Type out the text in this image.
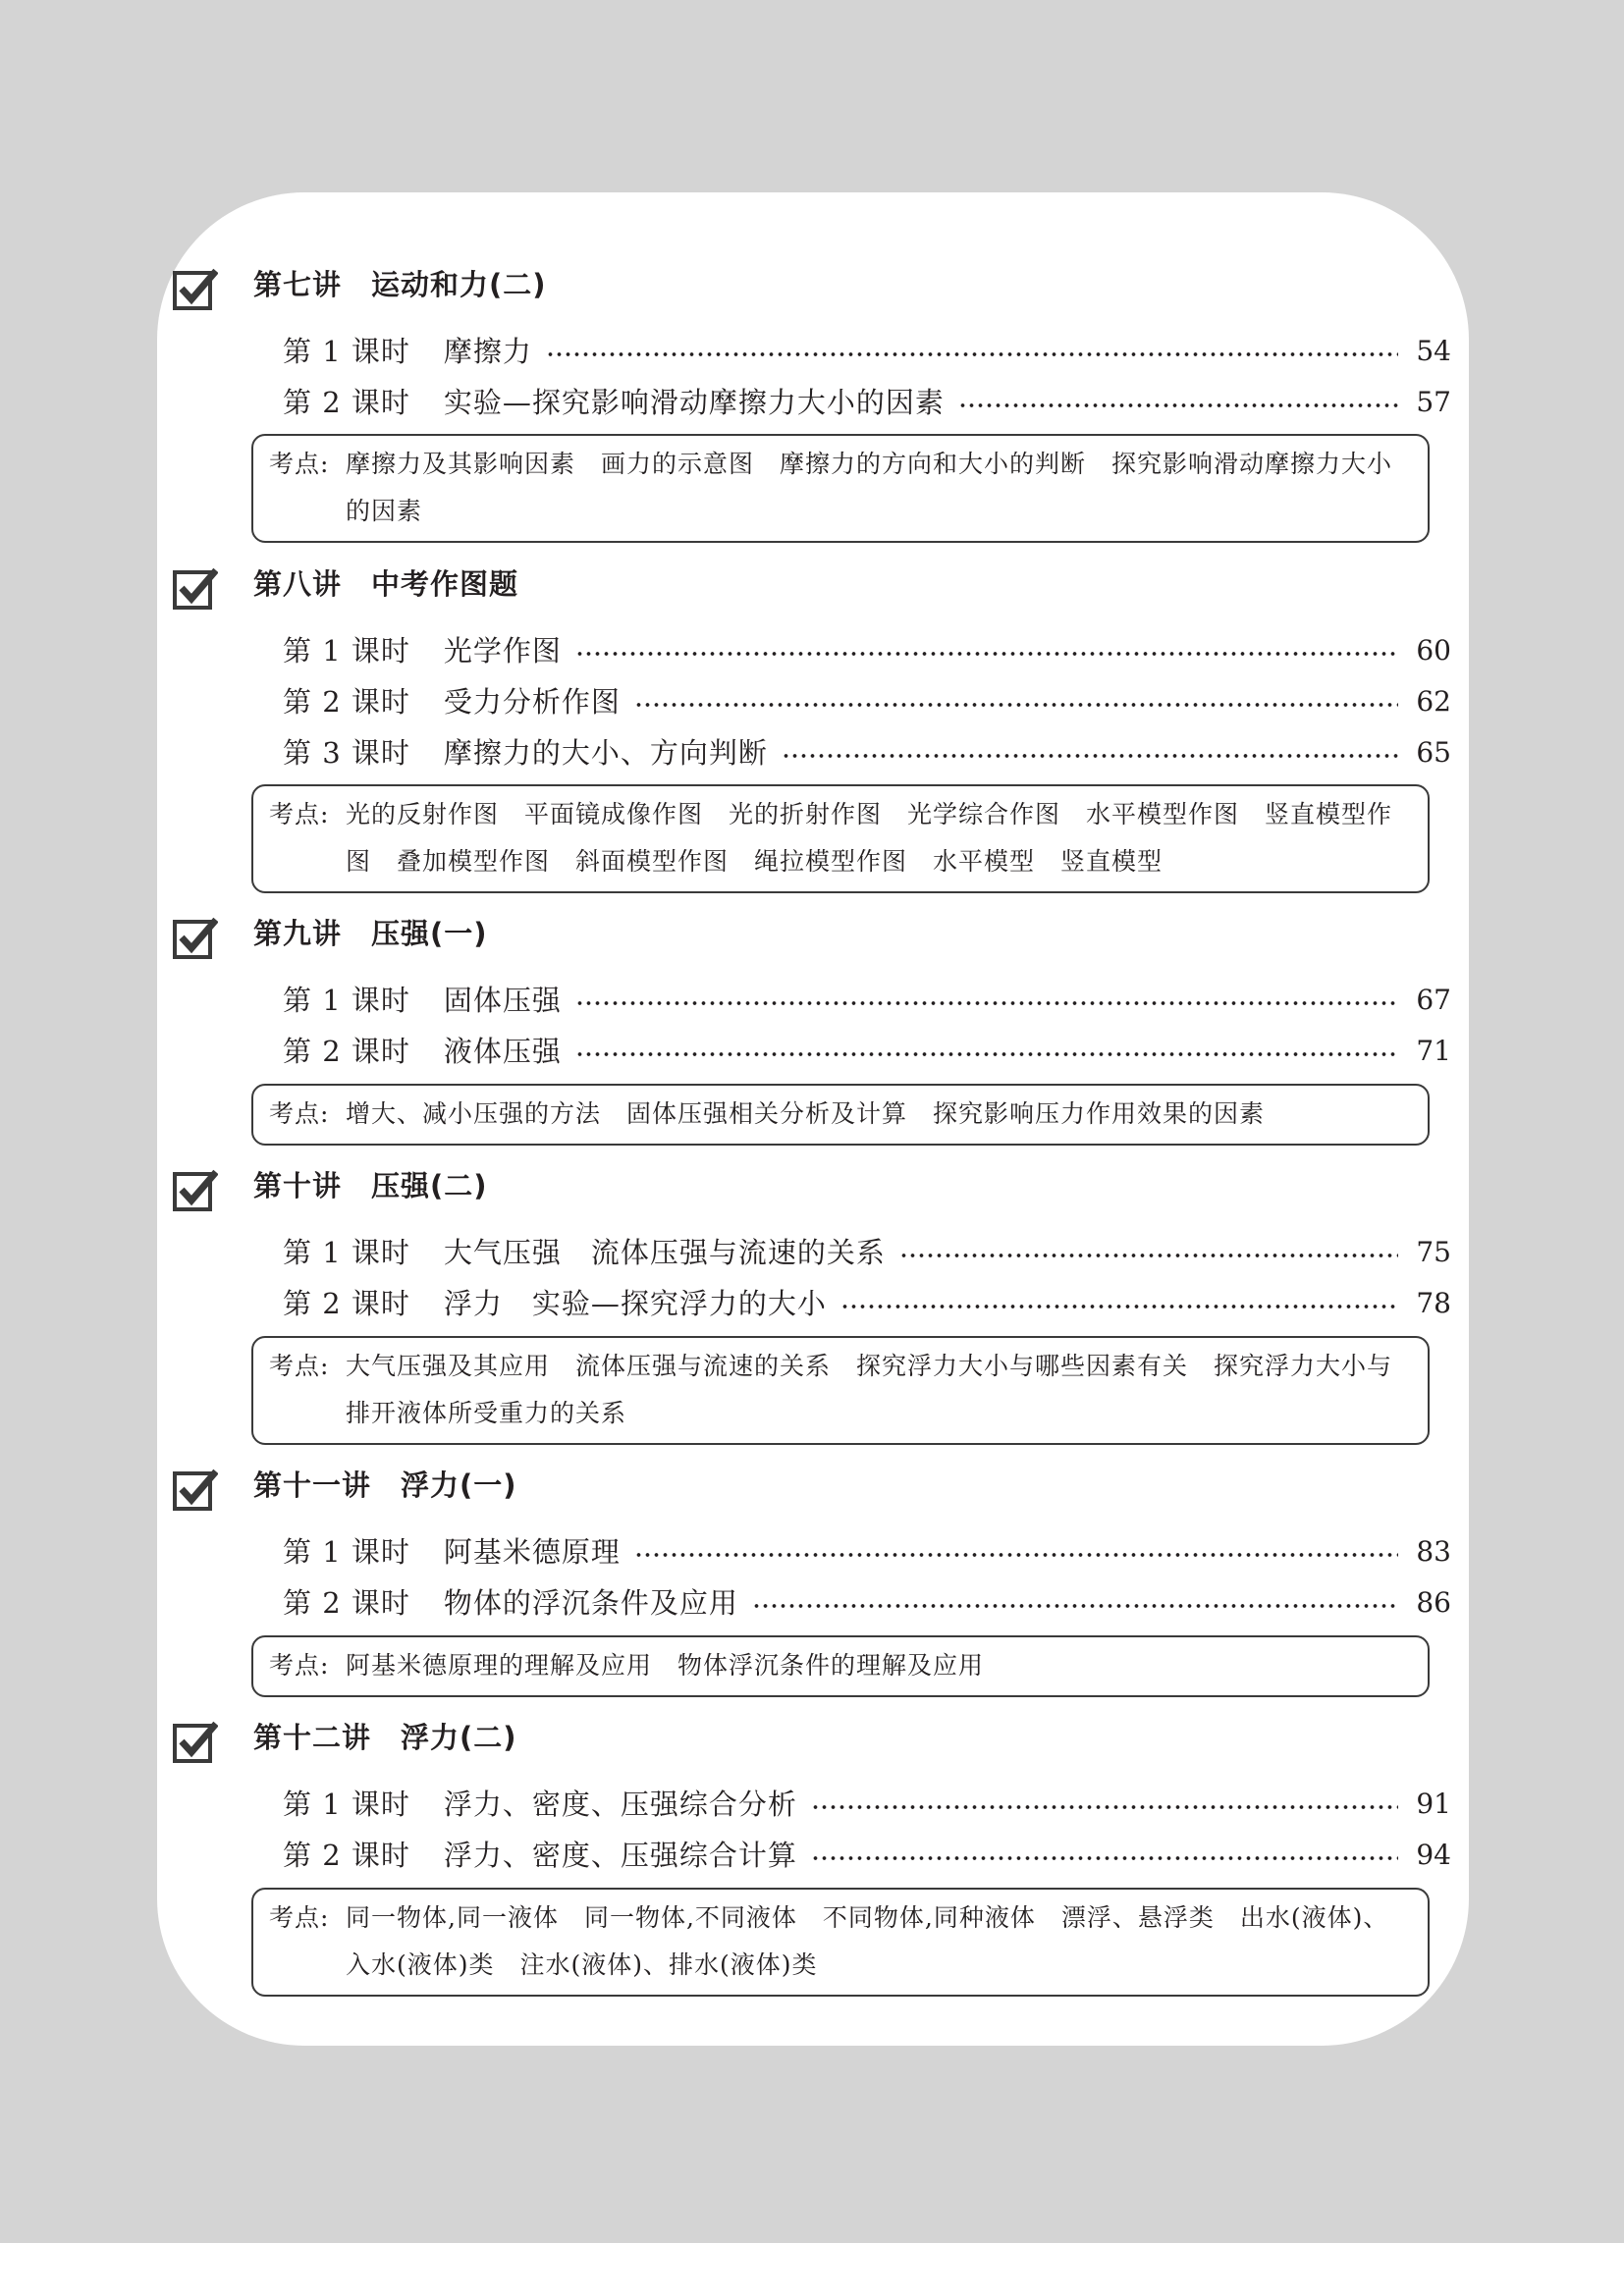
第七讲　运动和力(二)
第 1 课时 摩擦力	54
第 2 课时 实验—探究影响滑动摩擦力大小的因素	57
考点: 摩擦力及其影响因素　画力的示意图　摩擦力的方向和大小的判断　探究影响滑动摩擦力大小的因素
第八讲　中考作图题
第 1 课时 光学作图	60
第 2 课时 受力分析作图	62
第 3 课时 摩擦力的大小、方向判断	65
考点: 光的反射作图　平面镜成像作图　光的折射作图　光学综合作图　水平模型作图　竖直模型作图　叠加模型作图　斜面模型作图　绳拉模型作图　水平模型　竖直模型
第九讲　压强(一)
第 1 课时 固体压强	67
第 2 课时 液体压强	71
考点: 增大、减小压强的方法　固体压强相关分析及计算　探究影响压力作用效果的因素
第十讲　压强(二)
第 1 课时 大气压强　流体压强与流速的关系	75
第 2 课时 浮力　实验—探究浮力的大小	78
考点: 大气压强及其应用　流体压强与流速的关系　探究浮力大小与哪些因素有关　探究浮力大小与排开液体所受重力的关系
第十一讲　浮力(一)
第 1 课时 阿基米德原理	83
第 2 课时 物体的浮沉条件及应用	86
考点: 阿基米德原理的理解及应用　物体浮沉条件的理解及应用
第十二讲　浮力(二)
第 1 课时 浮力、密度、压强综合分析	91
第 2 课时 浮力、密度、压强综合计算	94
考点: 同一物体,同一液体　同一物体,不同液体　不同物体,同种液体　漂浮、悬浮类　出水(液体)、入水(液体)类　注水(液体)、排水(液体)类
